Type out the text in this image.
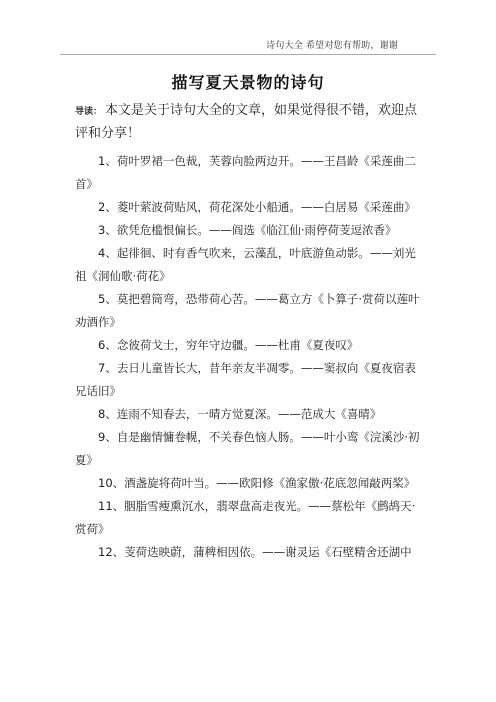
诗句大全 希望对您有帮助，谢谢
描写夏天景物的诗句
导读： 本文是关于诗句大全的文章，如果觉得很不错，欢迎点评和分享！

1、荷叶罗裙一色裁，芙蓉向脸两边开。——王昌龄《采莲曲二首》

2、菱叶萦波荷贴风，荷花深处小船通。——白居易《采莲曲》

3、欲凭危槛恨偏长。——阎选《临江仙·雨停荷芰逗浓香》

4、起徘徊、时有香气吹来，云藻乱，叶底游鱼动影。——刘光祖《洞仙歌·荷花》

5、莫把碧筒弯，恐带荷心苦。——葛立方《卜算子·赏荷以莲叶劝酒作》

6、念彼荷戈士，穷年守边疆。——杜甫《夏夜叹》

7、去日儿童皆长大，昔年亲友半凋零。——窦叔向《夏夜宿表兄话旧》

8、连雨不知春去，一晴方觉夏深。——范成大《喜晴》

9、自是幽情慵卷幌，不关春色恼人肠。——叶小鸾《浣溪沙·初夏》

10、酒盏旋将荷叶当。——欧阳修《渔家傲·花底忽闻敲两桨》

11、胭脂雪瘦熏沉水，翡翠盘高走夜光。——蔡松年《鹧鸪天·赏荷》

12、芰荷迭映蔚，蒲稗相因依。——谢灵运《石壁精舍还湖中
